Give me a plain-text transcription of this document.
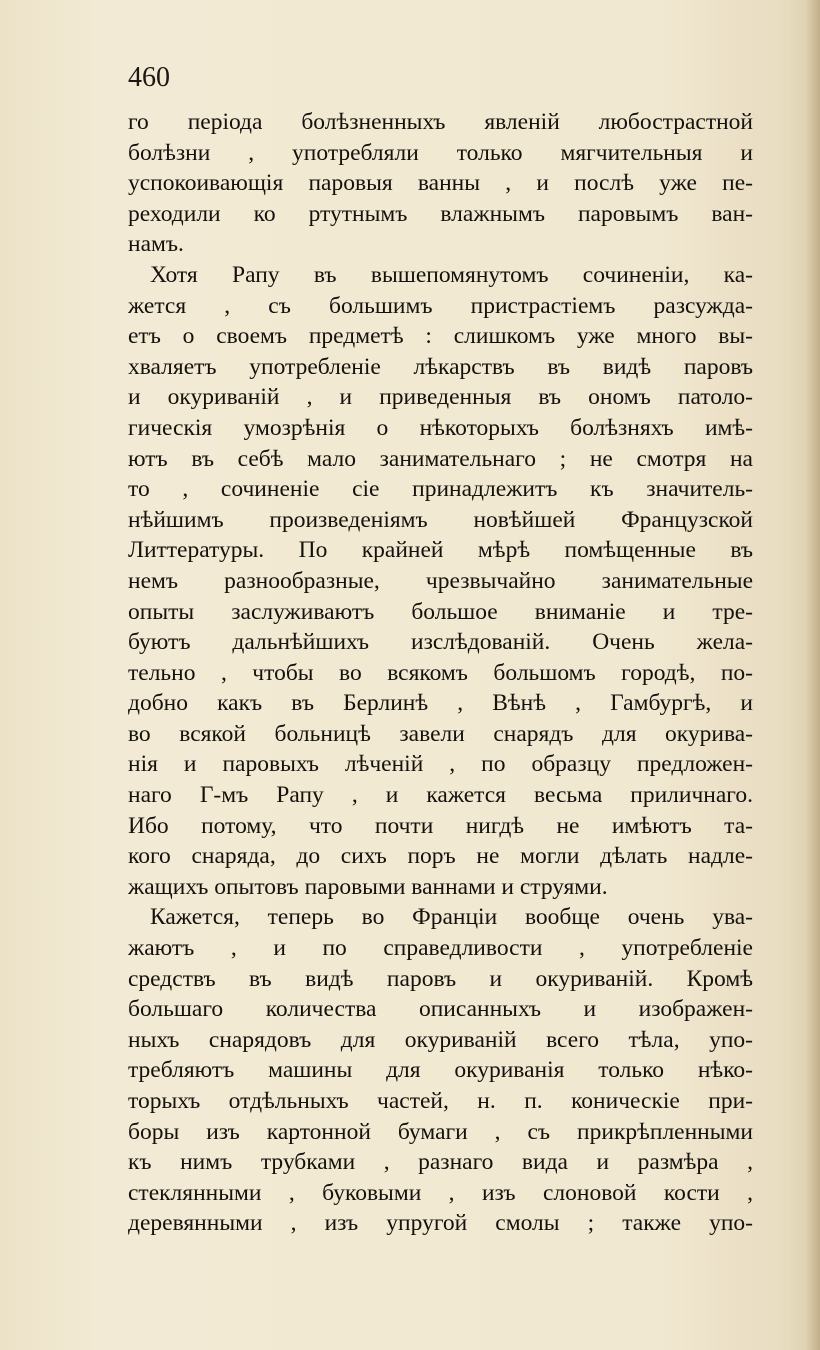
460
го періода болѣзненныхъ явленій любострастной
болѣзни , употребляли только мягчительныя и
успокоивающія паровыя ванны , и послѣ уже пе-
реходили ко ртутнымъ влажнымъ паровымъ ван-
намъ.
Хотя Рапу въ вышепомянутомъ сочиненіи, ка-
жется , съ большимъ пристрастіемъ разсужда-
етъ о своемъ предметѣ : слишкомъ уже много вы-
хваляетъ употребленіе лѣкарствъ въ видѣ паровъ
и окуриваній , и приведенныя въ ономъ патоло-
гическія умозрѣнія о нѣкоторыхъ болѣзняхъ имѣ-
ютъ въ себѣ мало занимательнаго ; не смотря на
то , сочиненіе сіе принадлежитъ къ значитель-
нѣйшимъ произведеніямъ новѣйшей Французской
Литтературы. По крайней мѣрѣ помѣщенные въ
немъ разнообразные, чрезвычайно занимательные
опыты заслуживаютъ большое вниманіе и тре-
буютъ дальнѣйшихъ изслѣдованій. Очень жела-
тельно , чтобы во всякомъ большомъ городѣ, по-
добно какъ въ Берлинѣ , Вѣнѣ , Гамбургѣ, и
во всякой больницѣ завели снарядъ для окурива-
нія и паровыхъ лѣченій , по образцу предложен-
наго Г-мъ Рапу , и кажется весьма приличнаго.
Ибо потому, что почти нигдѣ не имѣютъ та-
кого снаряда, до сихъ поръ не могли дѣлать надле-
жащихъ опытовъ паровыми ваннами и струями.
Кажется, теперь во Франціи вообще очень ува-
жаютъ , и по справедливости , употребленіе
средствъ въ видѣ паровъ и окуриваній. Кромѣ
большаго количества описанныхъ и изображен-
ныхъ снарядовъ для окуриваній всего тѣла, упо-
требляютъ машины для окуриванія только нѣко-
торыхъ отдѣльныхъ частей, н. п. коническіе при-
боры изъ картонной бумаги , съ прикрѣпленными
къ нимъ трубками , разнаго вида и размѣра ,
стеклянными , буковыми , изъ слоновой кости ,
деревянными , изъ упругой смолы ; также упо-
